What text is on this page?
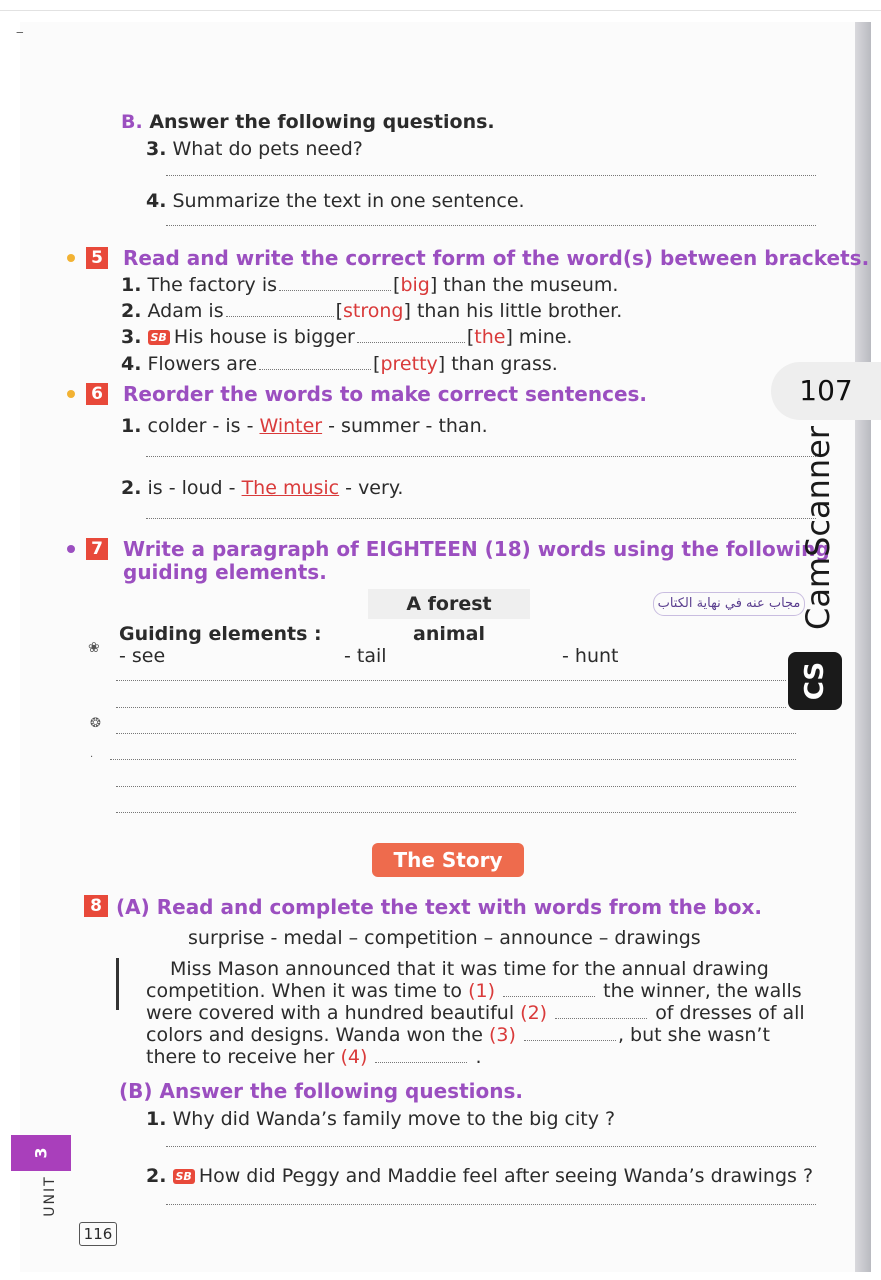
‒
B. Answer the following questions.
3. What do pets need?
4. Summarize the text in one sentence.
5 Read and write the correct form of the word(s) between brackets.
1. The factory is	[big] than the museum.
2. Adam is	[strong] than his little brother.
3. SB His house is bigger	[the] mine.
4. Flowers are	[pretty] than grass.
6 Reorder the words to make correct sentences.
1. colder - is - Winter - summer - than.
2. is - loud - The music - very.
7 Write a paragraph of EIGHTEEN (18) words using the following
guiding elements.
A forest animal
مجاب عنه في نهاية الكتاب
❀
Guiding elements :
- see	- tail	- hunt
❂
·
The Story
8 (A) Read and complete the text with words from the box.
surprise - medal – competition – announce – drawings
Miss Mason announced that it was time for the annual drawing
competition. When it was time to (1)	the winner, the walls
were covered with a hundred beautiful (2)	of dresses of all
colors and designs. Wanda won the (3)	, but she wasn’t
there to receive her (4)	.
(B) Answer the following questions.
1. Why did Wanda’s family move to the big city ?
2. SB How did Peggy and Maddie feel after seeing Wanda’s drawings ?
3
UNIT
116
107
CamScanner
CS
